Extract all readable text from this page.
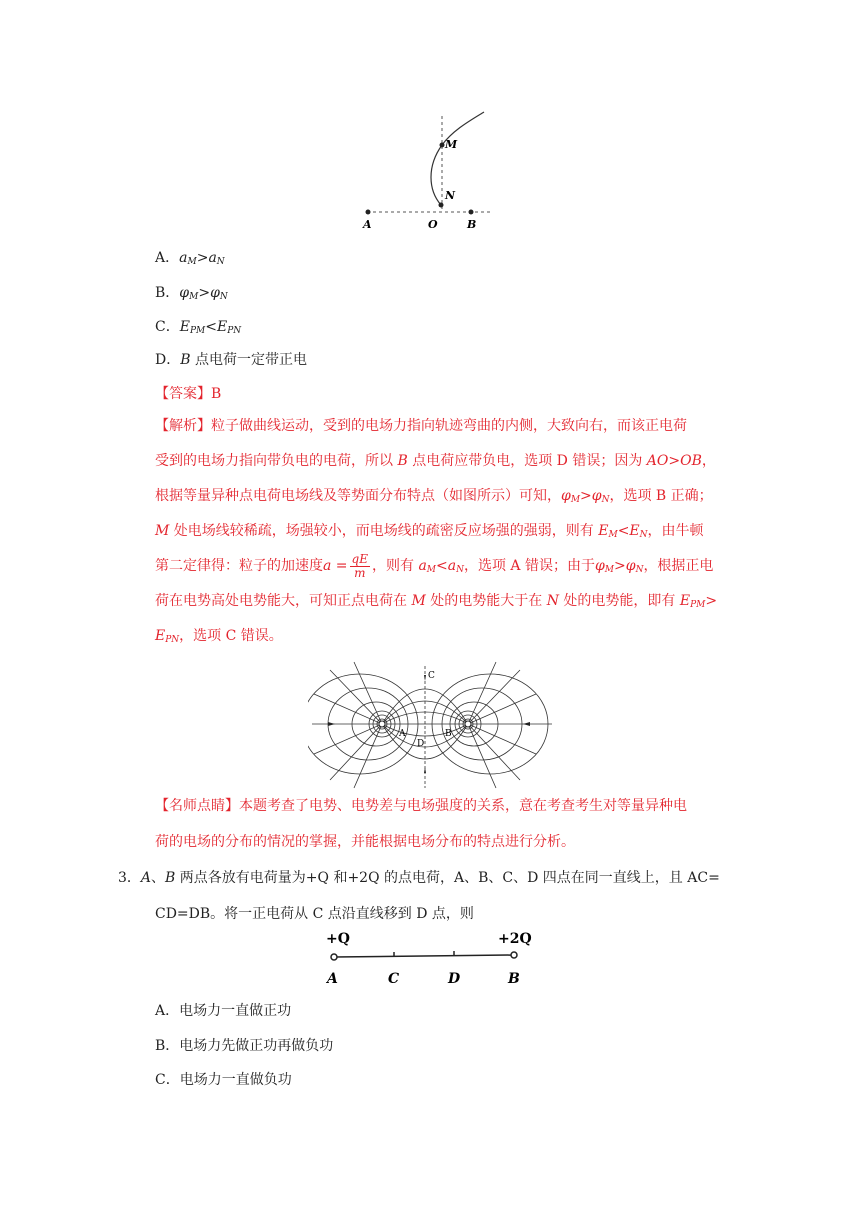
M
N
A	O	B
A．$a_M>a_N$
B．$\varphi_M>\varphi_N$
C．$E_{PM}<E_{PN}$
D．B 点电荷一定带正电
【答案】B
【解析】粒子做曲线运动，受到的电场力指向轨迹弯曲的内侧，大致向右，而该正电荷
受到的电场力指向带负电的电荷，所以 B 点电荷应带负电，选项 D 错误；因为 AO>OB，
根据等量异种点电荷电场线及等势面分布特点（如图所示）可知，$\varphi_M>\varphi_N$，选项 B 正确；
M 处电场线较稀疏，场强较小，而电场线的疏密反应场强的强弱，则有 $E_M<E_N$，由牛顿
第二定律得：粒子的加速度$a = \frac{qE}{m}$ ，则有 $a_M<a_N$，选项 A 错误；由于$\varphi_M>\varphi_N$，根据正电
荷在电势高处电势能大，可知正点电荷在 M 处的电势能大于在 N 处的电势能，即有 $E_{PM}>$
$E_{PN}$，选项 C 错误。
A	B
C
D
【名师点睛】本题考查了电势、电势差与电场强度的关系，意在考查考生对等量异种电
荷的电场的分布的情况的掌握，并能根据电场分布的特点进行分析。
3．A、B 两点各放有电荷量为+Q 和+2Q 的点电荷，A、B、C、D 四点在同一直线上，且 AC=
CD=DB。将一正电荷从 C 点沿直线移到 D 点，则
+Q	+2Q
A	C	D	B
A．电场力一直做正功
B．电场力先做正功再做负功
C．电场力一直做负功
